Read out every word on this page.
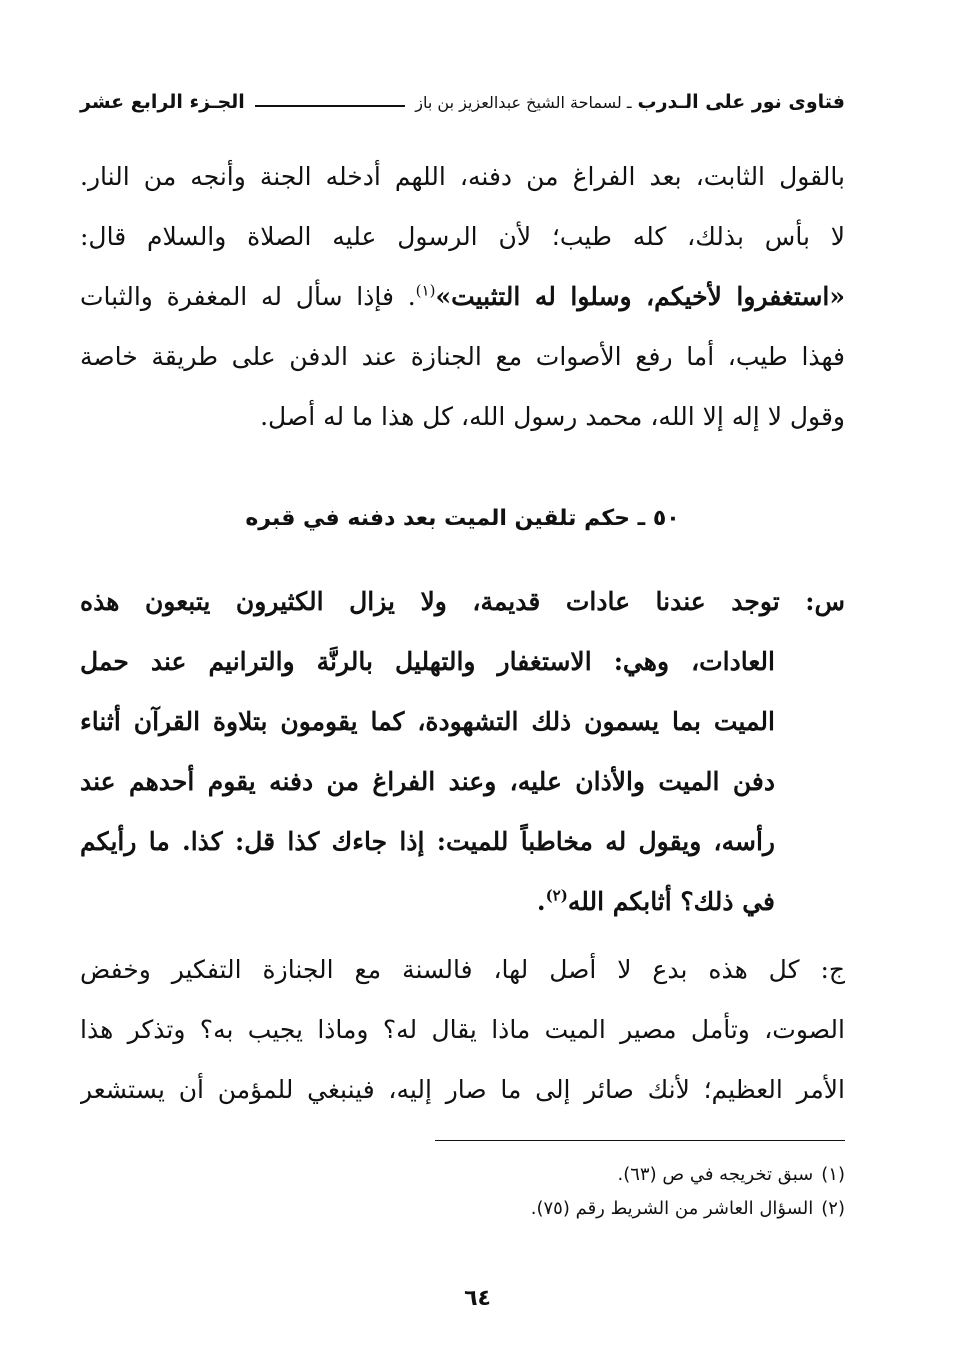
فتاوى نور على الـدرب
ـ لسماحة الشيخ عبدالعزيز بن باز
الجـزء الرابع عشر
بالقول الثابت، بعد الفراغ من دفنه، اللهم أدخله الجنة وأنجه من النار.
لا بأس بذلك، كله طيب؛ لأن الرسول عليه الصلاة والسلام قال:
«استغفروا لأخيكم، وسلوا له التثبيت»$^{(١)}$. فإذا سأل له المغفرة والثبات
فهذا طيب، أما رفع الأصوات مع الجنازة عند الدفن على طريقة خاصة
وقول لا إله إلا الله، محمد رسول الله، كل هذا ما له أصل.
٥٠ ـ حكم تلقين الميت بعد دفنه في قبره
س: توجد عندنا عادات قديمة، ولا يزال الكثيرون يتبعون هذه
العادات، وهي: الاستغفار والتهليل بالرنَّة والترانيم عند حمل
الميت بما يسمون ذلك التشهودة، كما يقومون بتلاوة القرآن أثناء
دفن الميت والأذان عليه، وعند الفراغ من دفنه يقوم أحدهم عند
رأسه، ويقول له مخاطباً للميت: إذا جاءك كذا قل: كذا. ما رأيكم
في ذلك؟ أثابكم الله$^{(٢)}$.
ج: كل هذه بدع لا أصل لها، فالسنة مع الجنازة التفكير وخفض
الصوت، وتأمل مصير الميت ماذا يقال له؟ وماذا يجيب به؟ وتذكر هذا
الأمر العظيم؛ لأنك صائر إلى ما صار إليه، فينبغي للمؤمن أن يستشعر
(١)سبق تخريجه في ص (٦٣).
(٢)السؤال العاشر من الشريط رقم (٧٥).
٦٤
